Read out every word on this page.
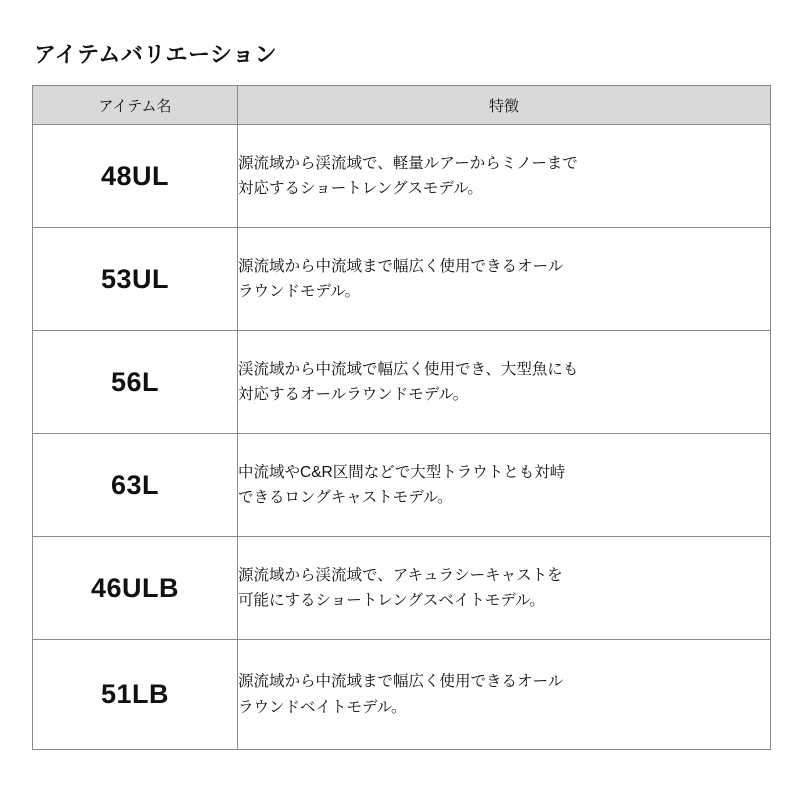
アイテムバリエーション
アイテム名	特徴
48UL	源流域から渓流域で、軽量ルアーからミノーまで
対応するショートレングスモデル。

53UL	源流域から中流域まで幅広く使用できるオール
ラウンドモデル。

56L	渓流域から中流域で幅広く使用でき、大型魚にも
対応するオールラウンドモデル。

63L	中流域やC&R区間などで大型トラウトとも対峙
できるロングキャストモデル。

46ULB	源流域から渓流域で、アキュラシーキャストを
可能にするショートレングスベイトモデル。

51LB	源流域から中流域まで幅広く使用できるオール
ラウンドベイトモデル。
